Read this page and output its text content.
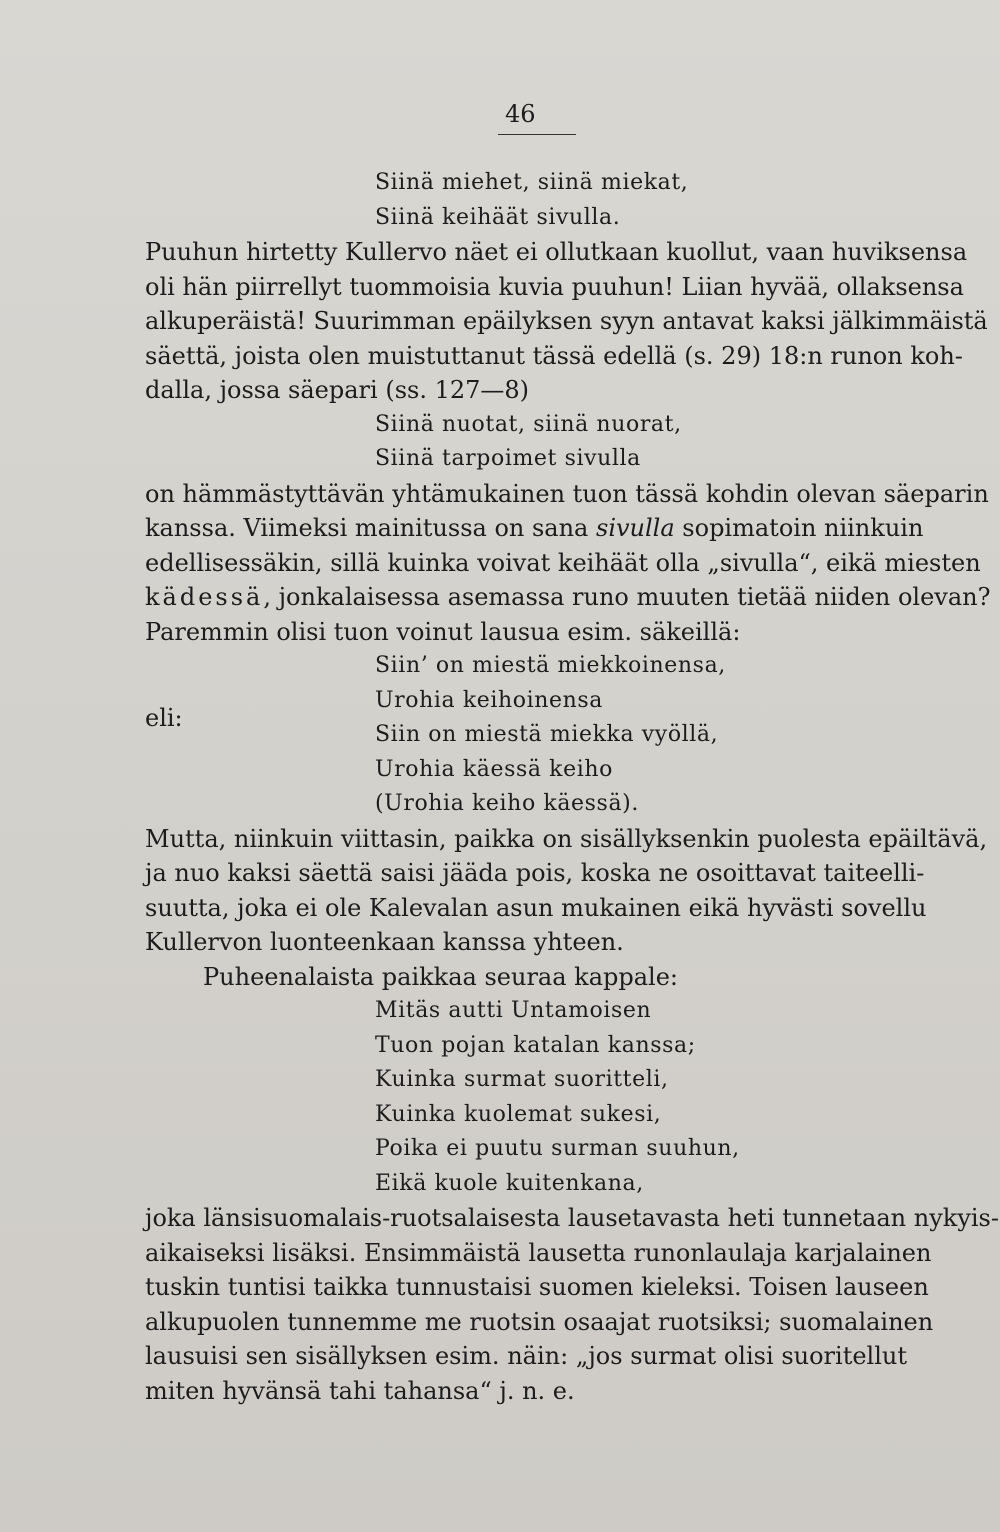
46
Siinä miehet, siinä miekat,
Siinä keihäät sivulla.
Puuhun hirtetty Kullervo näet ei ollutkaan kuollut, vaan huviksensa
oli hän piirrellyt tuommoisia kuvia puuhun! Liian hyvää, ollaksensa
alkuperäistä! Suurimman epäilyksen syyn antavat kaksi jälkimmäistä
säettä, joista olen muistuttanut tässä edellä (s. 29) 18:n runon koh-
dalla, jossa säepari (ss. 127—8)
Siinä nuotat, siinä nuorat,
Siinä tarpoimet sivulla
on hämmästyttävän yhtämukainen tuon tässä kohdin olevan säeparin
kanssa. Viimeksi mainitussa on sana sivulla sopimatoin niinkuin
edellisessäkin, sillä kuinka voivat keihäät olla „sivulla“, eikä miesten
kädessä, jonkalaisessa asemassa runo muuten tietää niiden olevan?
Paremmin olisi tuon voinut lausua esim. säkeillä:
Siin’ on miestä miekkoinensa,
Urohia keihoinensa
eli:
Siin on miestä miekka vyöllä,
Urohia käessä keiho
(Urohia keiho käessä).
Mutta, niinkuin viittasin, paikka on sisällyksenkin puolesta epäiltävä,
ja nuo kaksi säettä saisi jääda pois, koska ne osoittavat taiteelli-
suutta, joka ei ole Kalevalan asun mukainen eikä hyvästi sovellu
Kullervon luonteenkaan kanssa yhteen.
Puheenalaista paikkaa seuraa kappale:
Mitäs autti Untamoisen
Tuon pojan katalan kanssa;
Kuinka surmat suoritteli,
Kuinka kuolemat sukesi,
Poika ei puutu surman suuhun,
Eikä kuole kuitenkana,
joka länsisuomalais-ruotsalaisesta lausetavasta heti tunnetaan nykyis-
aikaiseksi lisäksi. Ensimmäistä lausetta runonlaulaja karjalainen
tuskin tuntisi taikka tunnustaisi suomen kieleksi. Toisen lauseen
alkupuolen tunnemme me ruotsin osaajat ruotsiksi; suomalainen
lausuisi sen sisällyksen esim. näin: „jos surmat olisi suoritellut
miten hyvänsä tahi tahansa“ j. n. e.
